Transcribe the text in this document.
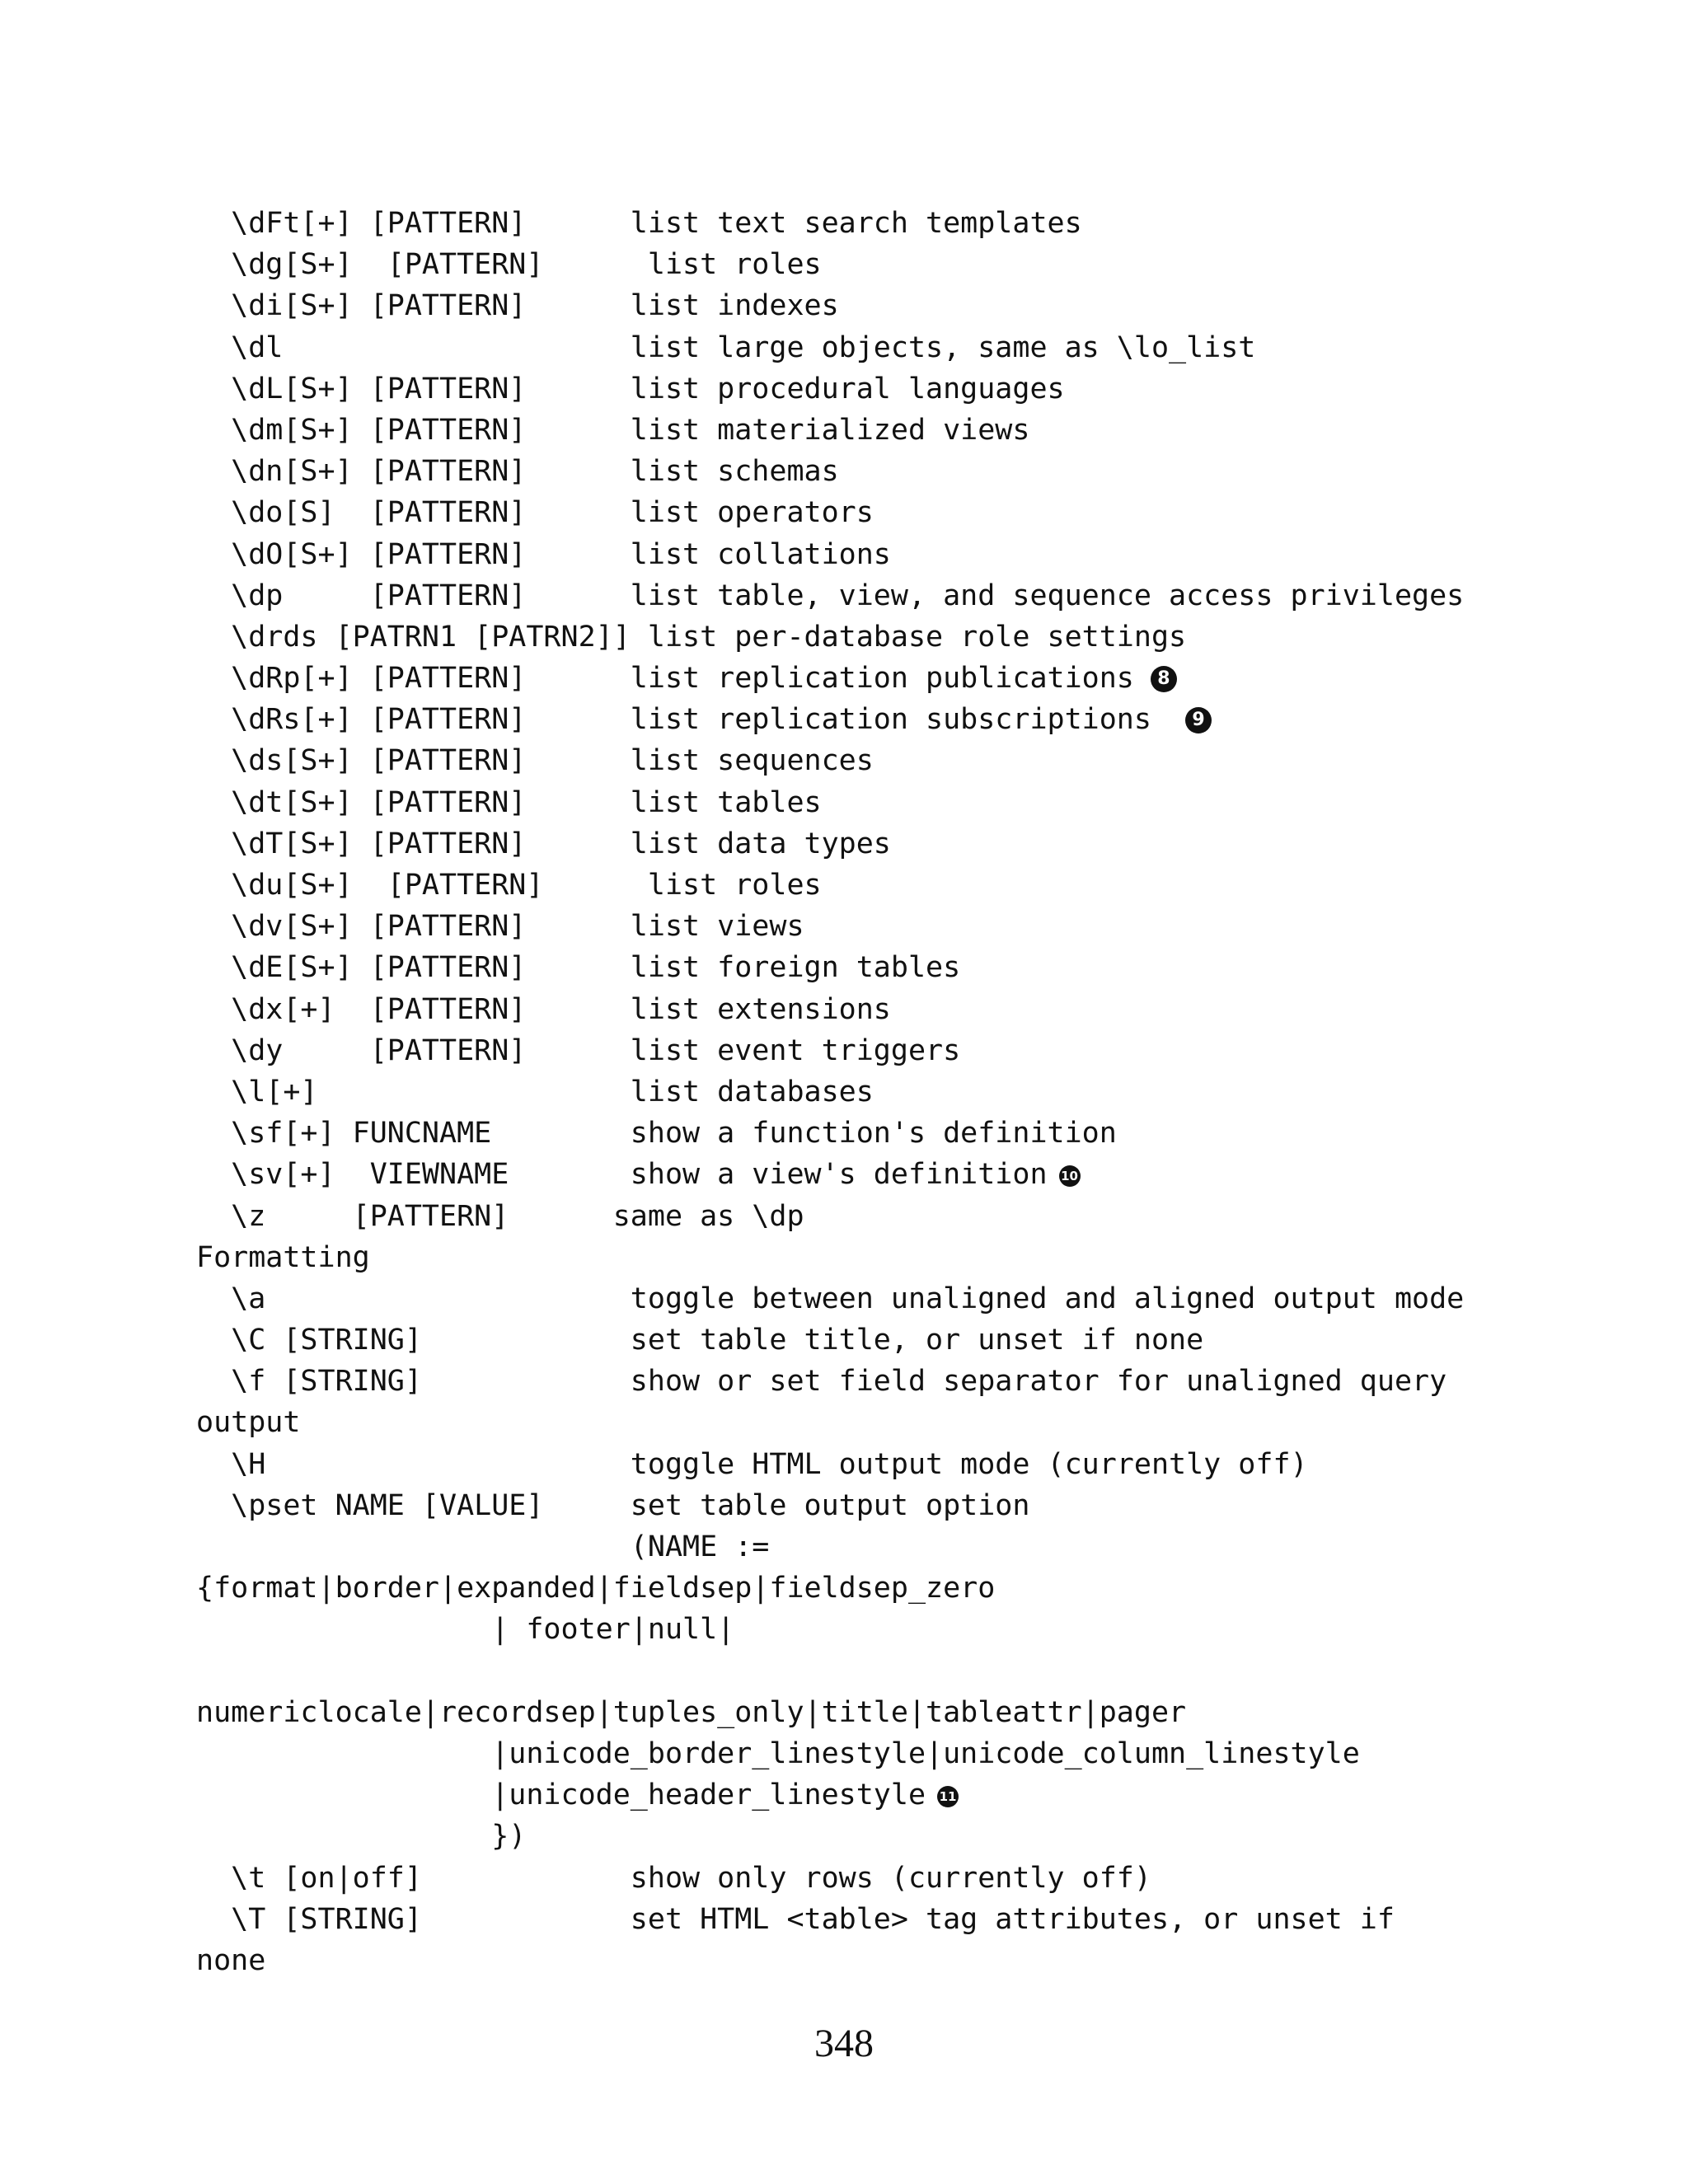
\dFt[+] [PATTERN]      list text search templates
\dg[S+]  [PATTERN]      list roles
\di[S+] [PATTERN]      list indexes
\dl                    list large objects, same as \lo_list
\dL[S+] [PATTERN]      list procedural languages
\dm[S+] [PATTERN]      list materialized views
\dn[S+] [PATTERN]      list schemas
\do[S]  [PATTERN]      list operators
\dO[S+] [PATTERN]      list collations
\dp     [PATTERN]      list table, view, and sequence access privileges
\drds [PATRN1 [PATRN2]] list per-database role settings
\dRp[+] [PATTERN]      list replication publications 8
\dRs[+] [PATTERN]      list replication subscriptions 9
\ds[S+] [PATTERN]      list sequences
\dt[S+] [PATTERN]      list tables
\dT[S+] [PATTERN]      list data types
\du[S+]  [PATTERN]      list roles
\dv[S+] [PATTERN]      list views
\dE[S+] [PATTERN]      list foreign tables
\dx[+]  [PATTERN]      list extensions
\dy     [PATTERN]      list event triggers
\l[+]                  list databases
\sf[+] FUNCNAME        show a function's definition
\sv[+]  VIEWNAME       show a view's definition 10
\z     [PATTERN]      same as \dp
Formatting
\a                     toggle between unaligned and aligned output mode
\C [STRING]            set table title, or unset if none
\f [STRING]            show or set field separator for unaligned query
output
\H                     toggle HTML output mode (currently off)
\pset NAME [VALUE]     set table output option
(NAME :=
{format|border|expanded|fieldsep|fieldsep_zero
| footer|null|
numericlocale|recordsep|tuples_only|title|tableattr|pager
|unicode_border_linestyle|unicode_column_linestyle
|unicode_header_linestyle 11
})
\t [on|off]            show only rows (currently off)
\T [STRING]            set HTML <table> tag attributes, or unset if
none
348
